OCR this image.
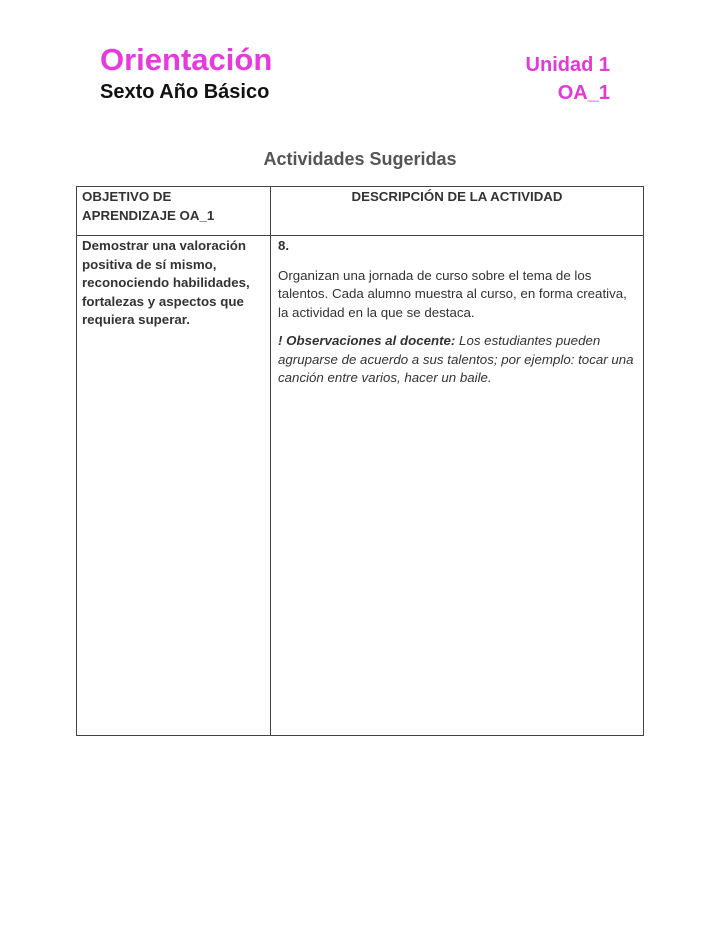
Orientación
Sexto Año Básico
Unidad 1
OA_1
Actividades Sugeridas
OBJETIVO DE APRENDIZAJE OA_1	DESCRIPCIÓN DE LA ACTIVIDAD

Demostrar una valoración positiva de sí mismo, reconociendo habilidades, fortalezas y aspectos que requiera superar.	8.

Organizan una jornada de curso sobre el tema de los talentos. Cada alumno muestra al curso, en forma creativa, la actividad en la que se destaca.

! Observaciones al docente: Los estudiantes pueden agruparse de acuerdo a sus talentos; por ejemplo: tocar una canción entre varios, hacer un baile.
